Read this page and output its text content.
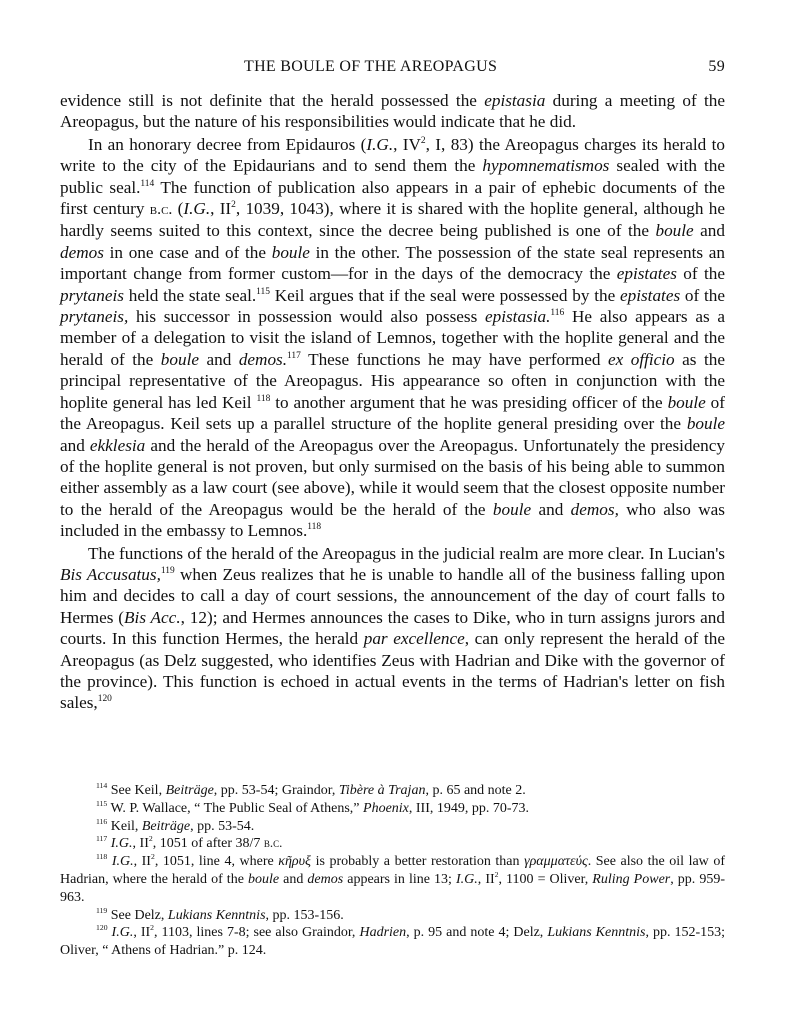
THE BOULE OF THE AREOPAGUS	59

evidence still is not definite that the herald possessed the epistasia during a meeting of the Areopagus, but the nature of his responsibilities would indicate that he did.

In an honorary decree from Epidauros (I.G., $IV^2$, I, 83) the Areopagus charges its herald to write to the city of the Epidaurians and to send them the hypomnematismos sealed with the public seal.$^{114}$ The function of publication also appears in a pair of ephebic documents of the first century b.c. (I.G., $II^2$, 1039, 1043), where it is shared with the hoplite general, although he hardly seems suited to this context, since the decree being published is one of the boule and demos in one case and of the boule in the other. The possession of the state seal represents an important change from former custom—for in the days of the democracy the epistates of the prytaneis held the state seal.$^{115}$ Keil argues that if the seal were possessed by the epistates of the prytaneis, his successor in possession would also possess epistasia.$^{116}$ He also appears as a member of a delegation to visit the island of Lemnos, together with the hoplite general and the herald of the boule and demos.$^{117}$ These functions he may have performed ex officio as the principal representative of the Areopagus. His appearance so often in conjunction with the hoplite general has led Keil $^{118}$ to another argument that he was presiding officer of the boule of the Areopagus. Keil sets up a parallel structure of the hoplite general presiding over the boule and ekklesia and the herald of the Areopagus over the Areopagus. Unfortunately the presidency of the hoplite general is not proven, but only surmised on the basis of his being able to summon either assembly as a law court (see above), while it would seem that the closest opposite number to the herald of the Areopagus would be the herald of the boule and demos, who also was included in the embassy to Lemnos.$^{118}$

The functions of the herald of the Areopagus in the judicial realm are more clear. In Lucian's Bis Accusatus,$^{119}$ when Zeus realizes that he is unable to handle all of the business falling upon him and decides to call a day of court sessions, the announcement of the day of court falls to Hermes (Bis Acc., 12); and Hermes announces the cases to Dike, who in turn assigns jurors and courts. In this function Hermes, the herald par excellence, can only represent the herald of the Areopagus (as Delz suggested, who identifies Zeus with Hadrian and Dike with the governor of the province). This function is echoed in actual events in the terms of Hadrian's letter on fish sales,$^{120}$

$^{114}$ See Keil, Beiträge, pp. 53-54; Graindor, Tibère à Trajan, p. 65 and note 2.

$^{115}$ W. P. Wallace, “ The Public Seal of Athens,” Phoenix, III, 1949, pp. 70-73.

$^{116}$ Keil, Beiträge, pp. 53-54.

$^{117}$ I.G., $II^2$, 1051 of after 38/7 b.c.

$^{118}$ I.G., $II^2$, 1051, line 4, where κῆρυξ is probably a better restoration than γραμματεύς. See also the oil law of Hadrian, where the herald of the boule and demos appears in line 13; I.G., $II^2$, 1100 = Oliver, Ruling Power, pp. 959-963.

$^{119}$ See Delz, Lukians Kenntnis, pp. 153-156.

$^{120}$ I.G., $II^2$, 1103, lines 7-8; see also Graindor, Hadrien, p. 95 and note 4; Delz, Lukians Kenntnis, pp. 152-153; Oliver, “ Athens of Hadrian.” p. 124.
